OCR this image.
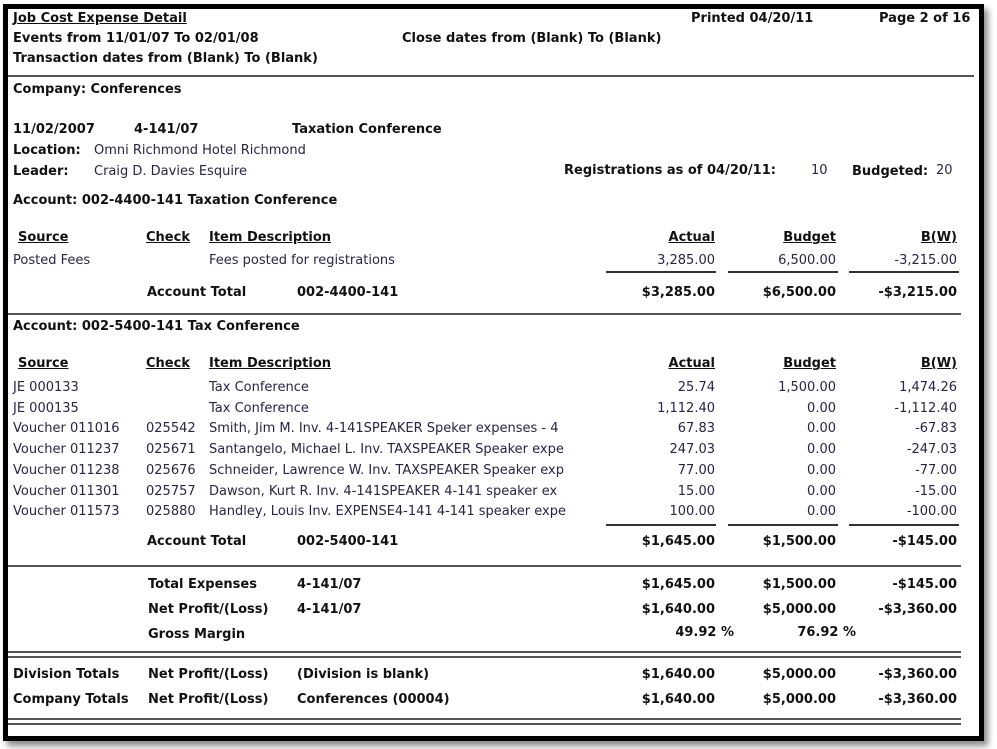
Job Cost Expense Detail
Events from 11/01/07 To 02/01/08	Close dates from (Blank) To (Blank)
Transaction dates from (Blank) To (Blank)
Printed 04/20/11	Page 2 of 16
Company: Conferences
11/02/2007	4-141/07	Taxation Conference
Location: Omni Richmond Hotel Richmond
Leader: Craig D. Davies Esquire	Registrations as of 04/20/11:	10 Budgeted: 20
Account: 002-4400-141 Taxation Conference
Source	Check Item Description	Actual	Budget	B(W)
Posted Fees	Fees posted for registrations	3,285.00	6,500.00	-3,215.00
Account Total	002-4400-141	$3,285.00	$6,500.00	-$3,215.00
Account: 002-5400-141 Tax Conference
Source	Check Item Description	Actual	Budget	B(W)
JE 000133	Tax Conference	25.74	1,500.00	1,474.26
JE 000135	Tax Conference	1,112.40	0.00	-1,112.40
Voucher 011016 025542 Smith, Jim M. Inv. 4-141SPEAKER Speker expenses - 4	67.83	0.00	-67.83
Voucher 011237 025671 Santangelo, Michael L. Inv. TAXSPEAKER Speaker expe	247.03	0.00	-247.03
Voucher 011238 025676 Schneider, Lawrence W. Inv. TAXSPEAKER Speaker exp	77.00	0.00	-77.00
Voucher 011301 025757 Dawson, Kurt R. Inv. 4-141SPEAKER 4-141 speaker ex	15.00	0.00	-15.00
Voucher 011573 025880 Handley, Louis Inv. EXPENSE4-141 4-141 speaker expe	100.00	0.00	-100.00
Account Total	002-5400-141	$1,645.00	$1,500.00	-$145.00
Total Expenses	4-141/07	$1,645.00	$1,500.00	-$145.00
Net Profit/(Loss) 4-141/07	$1,640.00	$5,000.00	-$3,360.00
Gross Margin	49.92 %	76.92 %
Division Totals Net Profit/(Loss) (Division is blank)	$1,640.00	$5,000.00	-$3,360.00
Company Totals Net Profit/(Loss) Conferences (00004)	$1,640.00	$5,000.00	-$3,360.00
